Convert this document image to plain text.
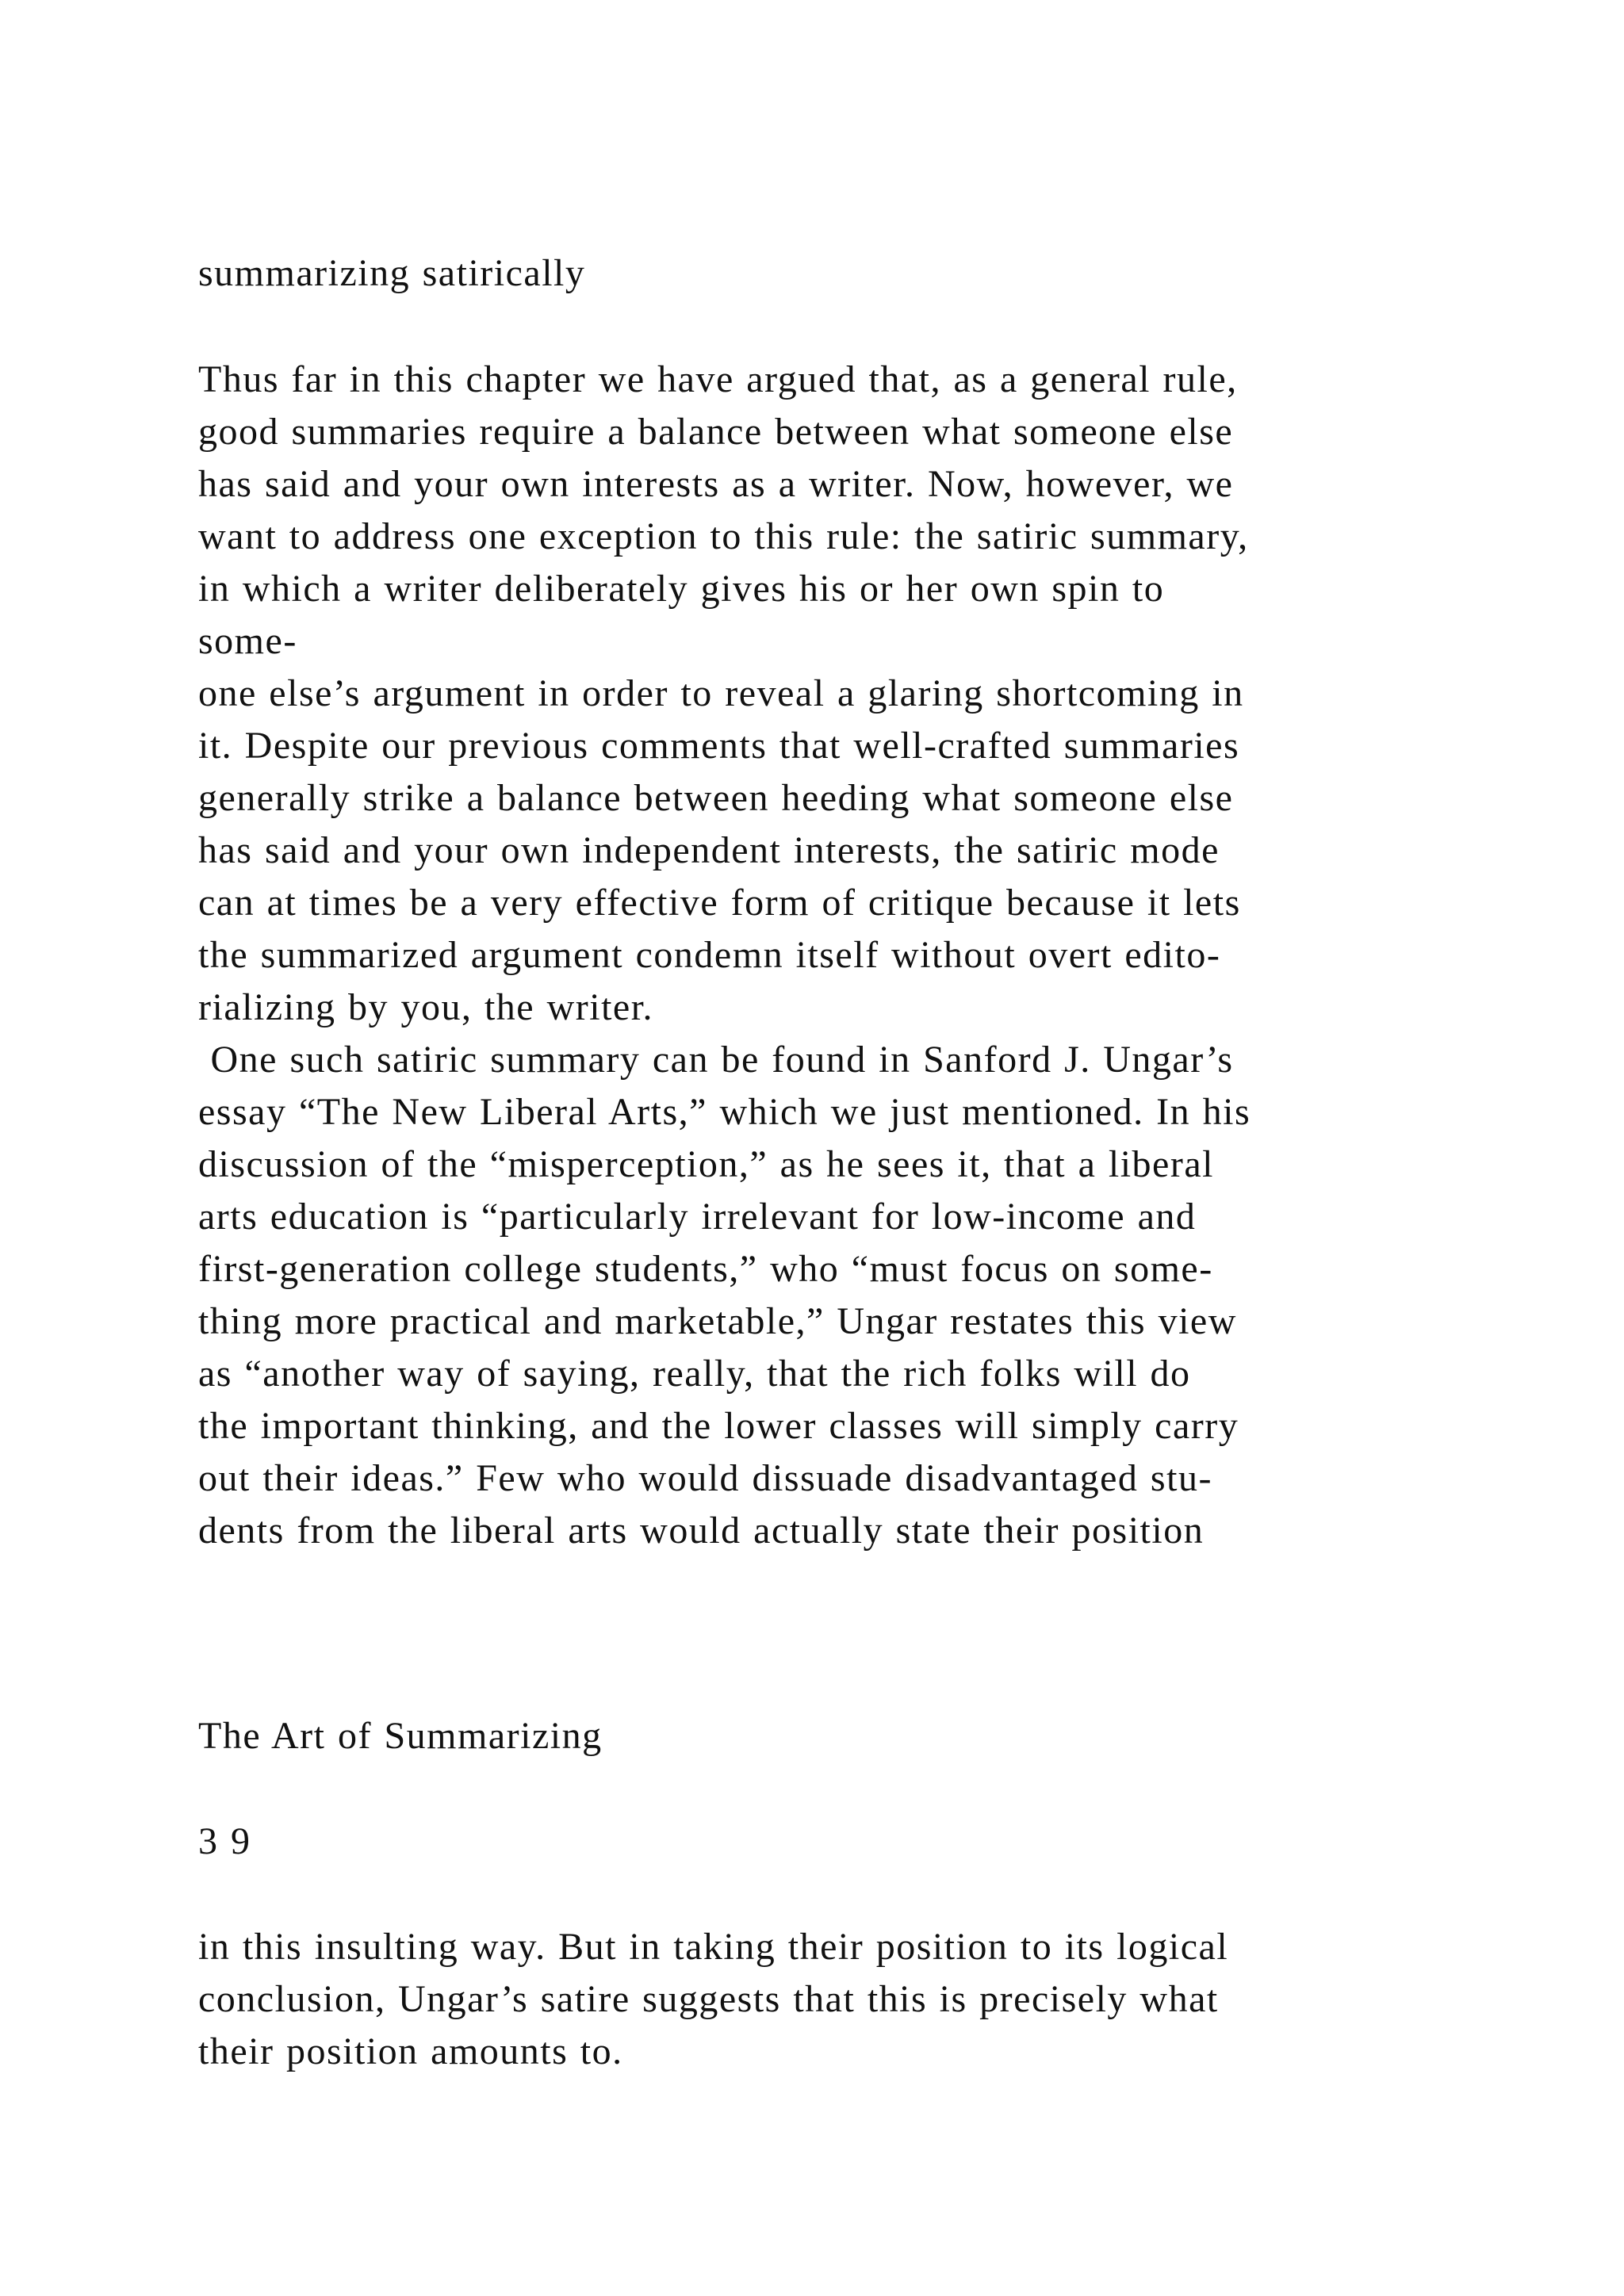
summarizing satirically
Thus far in this chapter we have argued that, as a general rule,
good summaries require a balance between what someone else
has said and your own interests as a writer. Now, however, we
want to address one exception to this rule: the satiric summary,
in which a writer deliberately gives his or her own spin to
some-
one else’s argument in order to reveal a glaring shortcoming in
it. Despite our previous comments that well-crafted summaries
generally strike a balance between heeding what someone else
has said and your own independent interests, the satiric mode
can at times be a very effective form of critique because it lets
the summarized argument condemn itself without overt edito-
rializing by you, the writer.
One such satiric summary can be found in Sanford J. Ungar’s
essay “The New Liberal Arts,” which we just mentioned. In his
discussion of the “misperception,” as he sees it, that a liberal
arts education is “particularly irrelevant for low-income and
first-generation college students,” who “must focus on some-
thing more practical and marketable,” Ungar restates this view
as “another way of saying, really, that the rich folks will do
the important thinking, and the lower classes will simply carry
out their ideas.” Few who would dissuade disadvantaged stu-
dents from the liberal arts would actually state their position
The Art of Summarizing
3 9
in this insulting way. But in taking their position to its logical
conclusion, Ungar’s satire suggests that this is precisely what
their position amounts to.
